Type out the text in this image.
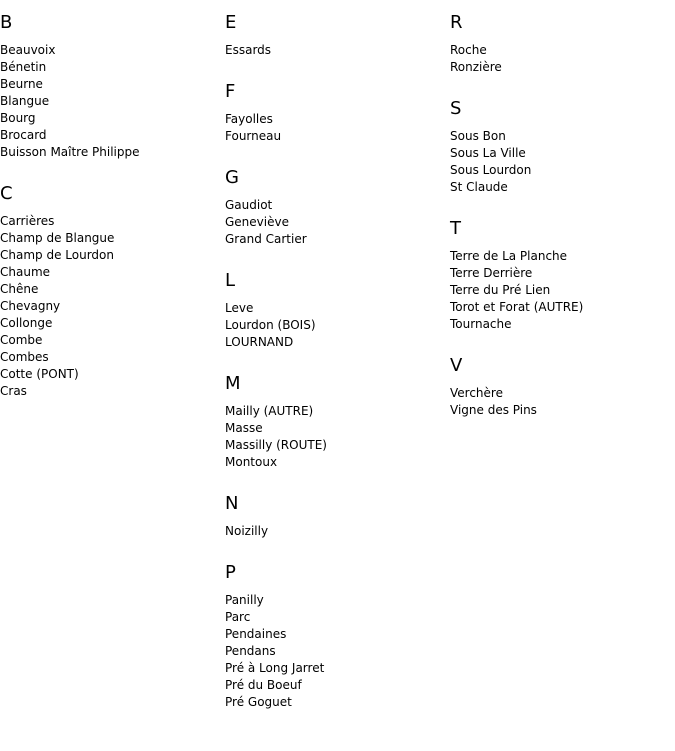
B
Beauvoix
Bénetin
Beurne
Blangue
Bourg
Brocard
Buisson Maître Philippe
C
Carrières
Champ de Blangue
Champ de Lourdon
Chaume
Chêne
Chevagny
Collonge
Combe
Combes
Cotte (PONT)
Cras
E
Essards
F
Fayolles
Fourneau
G
Gaudiot
Geneviève
Grand Cartier
L
Leve
Lourdon (BOIS)
LOURNAND
M
Mailly (AUTRE)
Masse
Massilly (ROUTE)
Montoux
N
Noizilly
P
Panilly
Parc
Pendaines
Pendans
Pré à Long Jarret
Pré du Boeuf
Pré Goguet
R
Roche
Ronzière
S
Sous Bon
Sous La Ville
Sous Lourdon
St Claude
T
Terre de La Planche
Terre Derrière
Terre du Pré Lien
Torot et Forat (AUTRE)
Tournache
V
Verchère
Vigne des Pins
